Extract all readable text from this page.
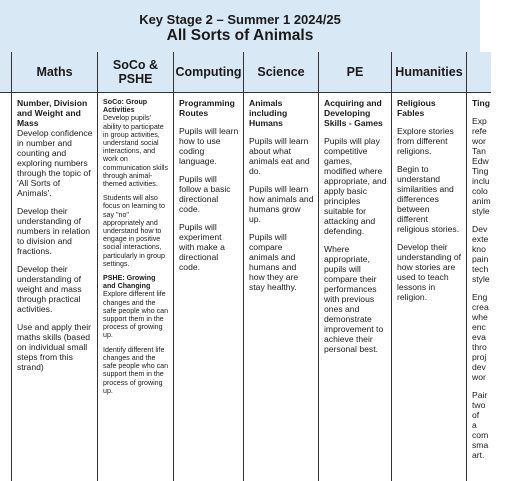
Key Stage 2 – Summer 1 2024/25
All Sorts of Animals

Maths

Number, Division and Weight and Mass

Develop confidence in number and counting and exploring numbers through the topic of 'All Sorts of Animals'.

Develop their understanding of numbers in relation to division and fractions.

Develop their understanding of weight and mass through practical activities.

Use and apply their maths skills (based on individual small steps from this strand)

SoCo & PSHE

SoCo: Group Activities

Develop pupils' ability to participate in group activities, understand social interactions, and work on communication skills through animal-themed activities.

Students will also focus on learning to say "no" appropriately and understand how to engage in positive social interactions, particularly in group settings.

PSHE: Growing and Changing

Explore different life changes and the safe people who can support them in the process of growing up.

Identify different life changes and the safe people who can support them in the process of growing up.

Computing

Programming Routes

Pupils will learn how to use coding language.

Pupils will follow a basic directional code.

Pupils will experiment with make a directional code.

Science

Animals including Humans

Pupils will learn about what animals eat and do.

Pupils will learn how animals and humans grow up.

Pupils will compare animals and humans and how they are stay healthy.

PE

Acquiring and Developing Skills - Games

Pupils will play competitive games, modified where appropriate, and apply basic principles suitable for attacking and defending.

Where appropriate, pupils will compare their performances with previous ones and demonstrate improvement to achieve their personal best.

Humanities

Religious Fables

Explore stories from different religions.

Begin to understand similarities and differences between different religious stories.

Develop their understanding of how stories are used to teach lessons in religion.

Ting

Exp refe wor Tan Edw Ting inclu colo anim style

Dev exte kno pain tech style

Eng crea whe enc eva thro proj dev wor

Pair two of a com sma art.
